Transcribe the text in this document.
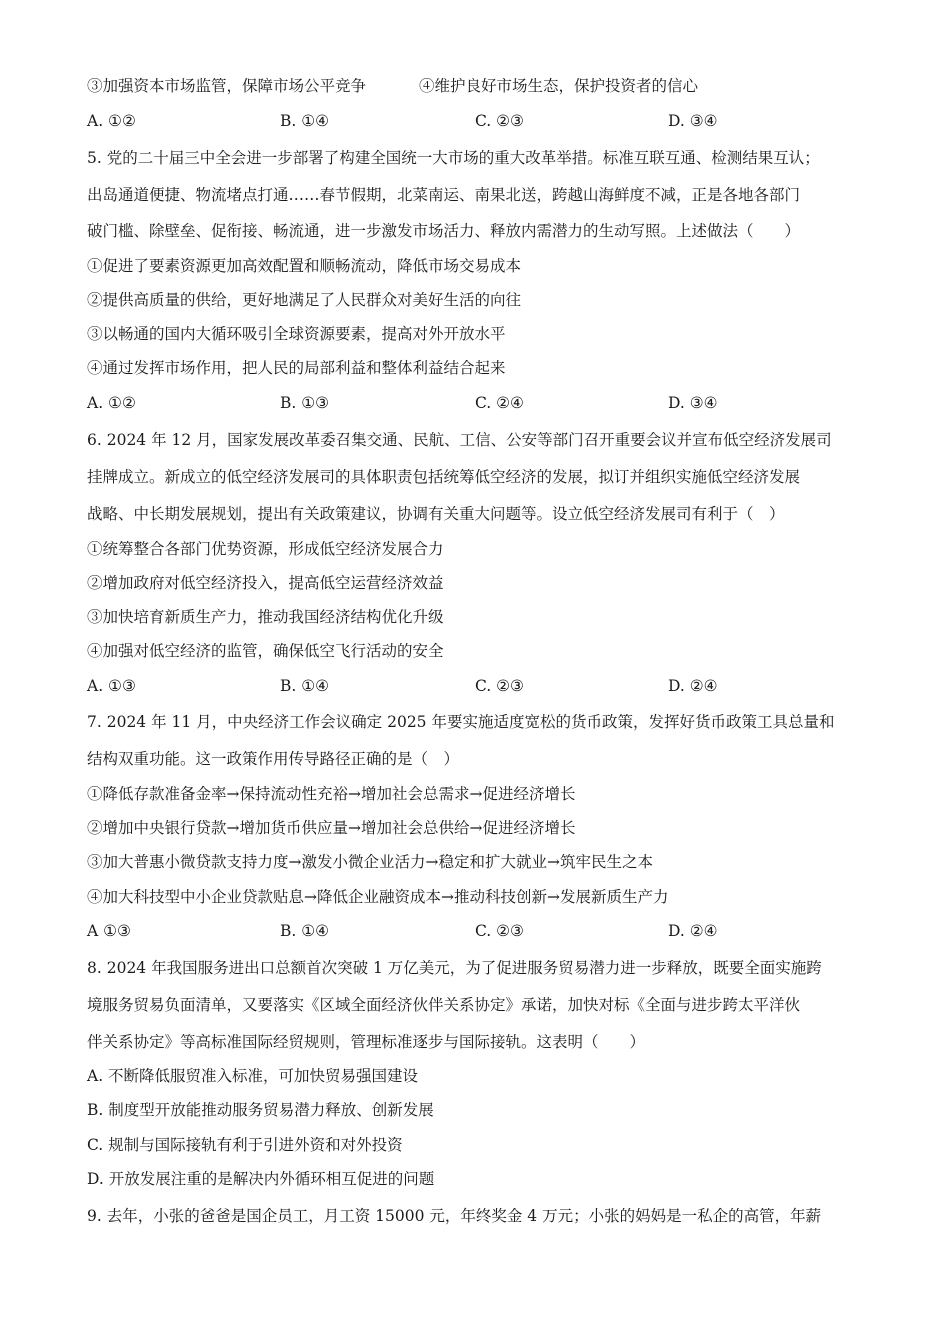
③加强资本市场监管，保障市场公平竞争	④维护良好市场生态，保护投资者的信心
A. ①②	B. ①④	C. ②③	D. ③④
5. 党的二十届三中全会进一步部署了构建全国统一大市场的重大改革举措。标准互联互通、检测结果互认；
出岛通道便捷、物流堵点打通……春节假期，北菜南运、南果北送，跨越山海鲜度不减，正是各地各部门
破门槛、除壁垒、促衔接、畅流通，进一步激发市场活力、释放内需潜力的生动写照。上述做法（　　）
①促进了要素资源更加高效配置和顺畅流动，降低市场交易成本
②提供高质量的供给，更好地满足了人民群众对美好生活的向往
③以畅通的国内大循环吸引全球资源要素，提高对外开放水平
④通过发挥市场作用，把人民的局部利益和整体利益结合起来
A. ①②	B. ①③	C. ②④	D. ③④
6. 2024 年 12 月，国家发展改革委召集交通、民航、工信、公安等部门召开重要会议并宣布低空经济发展司
挂牌成立。新成立的低空经济发展司的具体职责包括统筹低空经济的发展，拟订并组织实施低空经济发展
战略、中长期发展规划，提出有关政策建议，协调有关重大问题等。设立低空经济发展司有利于（　）
①统筹整合各部门优势资源，形成低空经济发展合力
②增加政府对低空经济投入，提高低空运营经济效益
③加快培育新质生产力，推动我国经济结构优化升级
④加强对低空经济的监管，确保低空飞行活动的安全
A. ①③	B. ①④	C. ②③	D. ②④
7. 2024 年 11 月，中央经济工作会议确定 2025 年要实施适度宽松的货币政策，发挥好货币政策工具总量和
结构双重功能。这一政策作用传导路径正确的是（　）
①降低存款准备金率→保持流动性充裕→增加社会总需求→促进经济增长
②增加中央银行贷款→增加货币供应量→增加社会总供给→促进经济增长
③加大普惠小微贷款支持力度→激发小微企业活力→稳定和扩大就业→筑牢民生之本
④加大科技型中小企业贷款贴息→降低企业融资成本→推动科技创新→发展新质生产力
A ①③	B. ①④	C. ②③	D. ②④
8. 2024 年我国服务进出口总额首次突破 1 万亿美元，为了促进服务贸易潜力进一步释放，既要全面实施跨
境服务贸易负面清单，又要落实《区域全面经济伙伴关系协定》承诺，加快对标《全面与进步跨太平洋伙
伴关系协定》等高标准国际经贸规则，管理标准逐步与国际接轨。这表明（　　）
A. 不断降低服贸准入标准，可加快贸易强国建设
B. 制度型开放能推动服务贸易潜力释放、创新发展
C. 规制与国际接轨有利于引进外资和对外投资
D. 开放发展注重的是解决内外循环相互促进的问题
9. 去年，小张的爸爸是国企员工，月工资 15000 元，年终奖金 4 万元；小张的妈妈是一私企的高管，年薪
